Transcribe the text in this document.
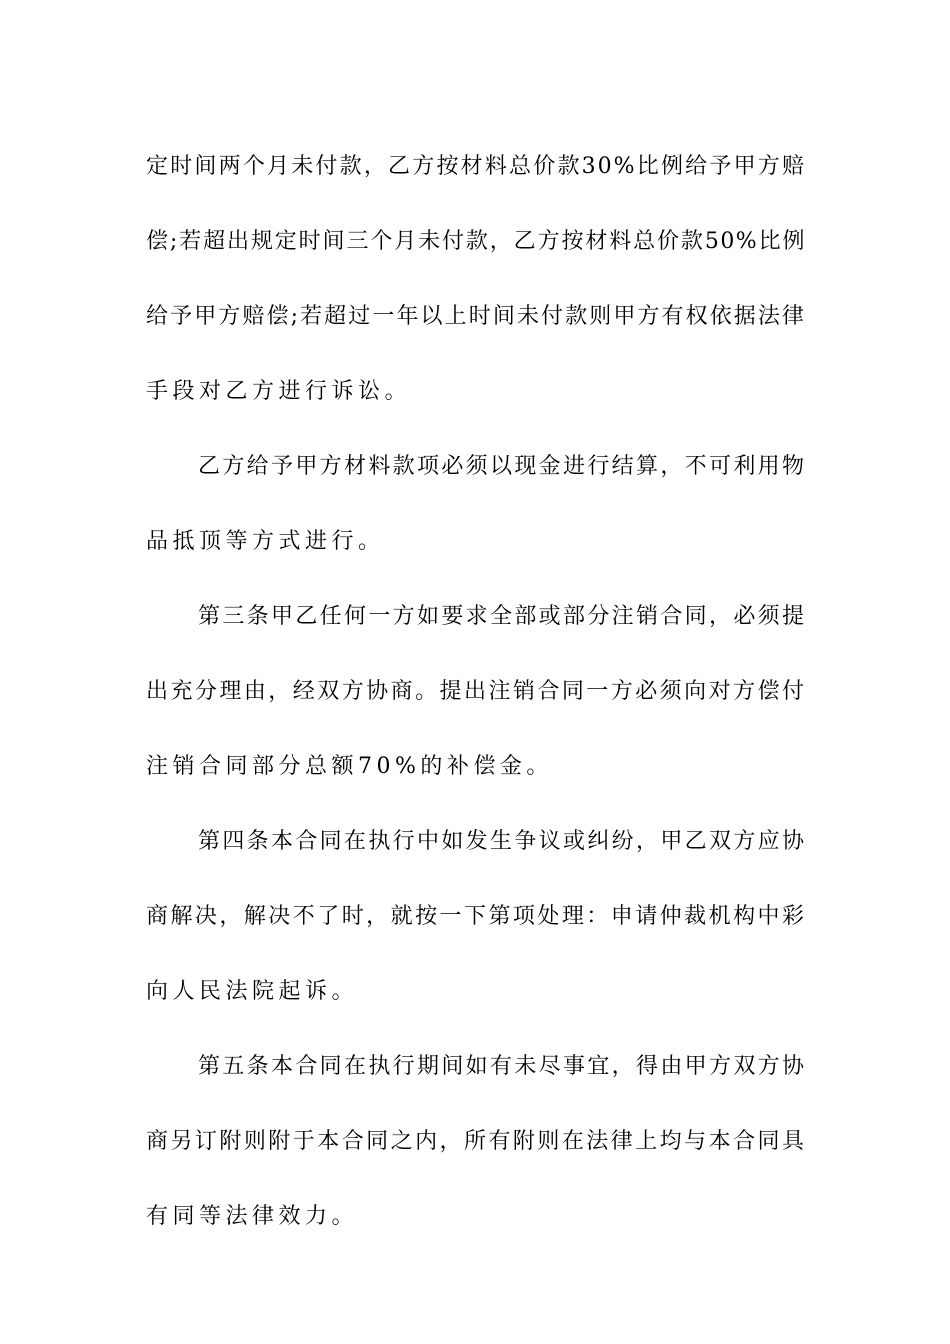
定时间两个月未付款，乙方按材料总价款30%比例给予甲方赔
偿;若超出规定时间三个月未付款，乙方按材料总价款50%比例
给予甲方赔偿;若超过一年以上时间未付款则甲方有权依据法律
手段对乙方进行诉讼。
乙方给予甲方材料款项必须以现金进行结算，不可利用物
品抵顶等方式进行。
第三条甲乙任何一方如要求全部或部分注销合同，必须提
出充分理由，经双方协商。提出注销合同一方必须向对方偿付
注销合同部分总额70%的补偿金。
第四条本合同在执行中如发生争议或纠纷，甲乙双方应协
商解决，解决不了时，就按一下第项处理：申请仲裁机构中彩
向人民法院起诉。
第五条本合同在执行期间如有未尽事宜，得由甲方双方协
商另订附则附于本合同之内，所有附则在法律上均与本合同具
有同等法律效力。
